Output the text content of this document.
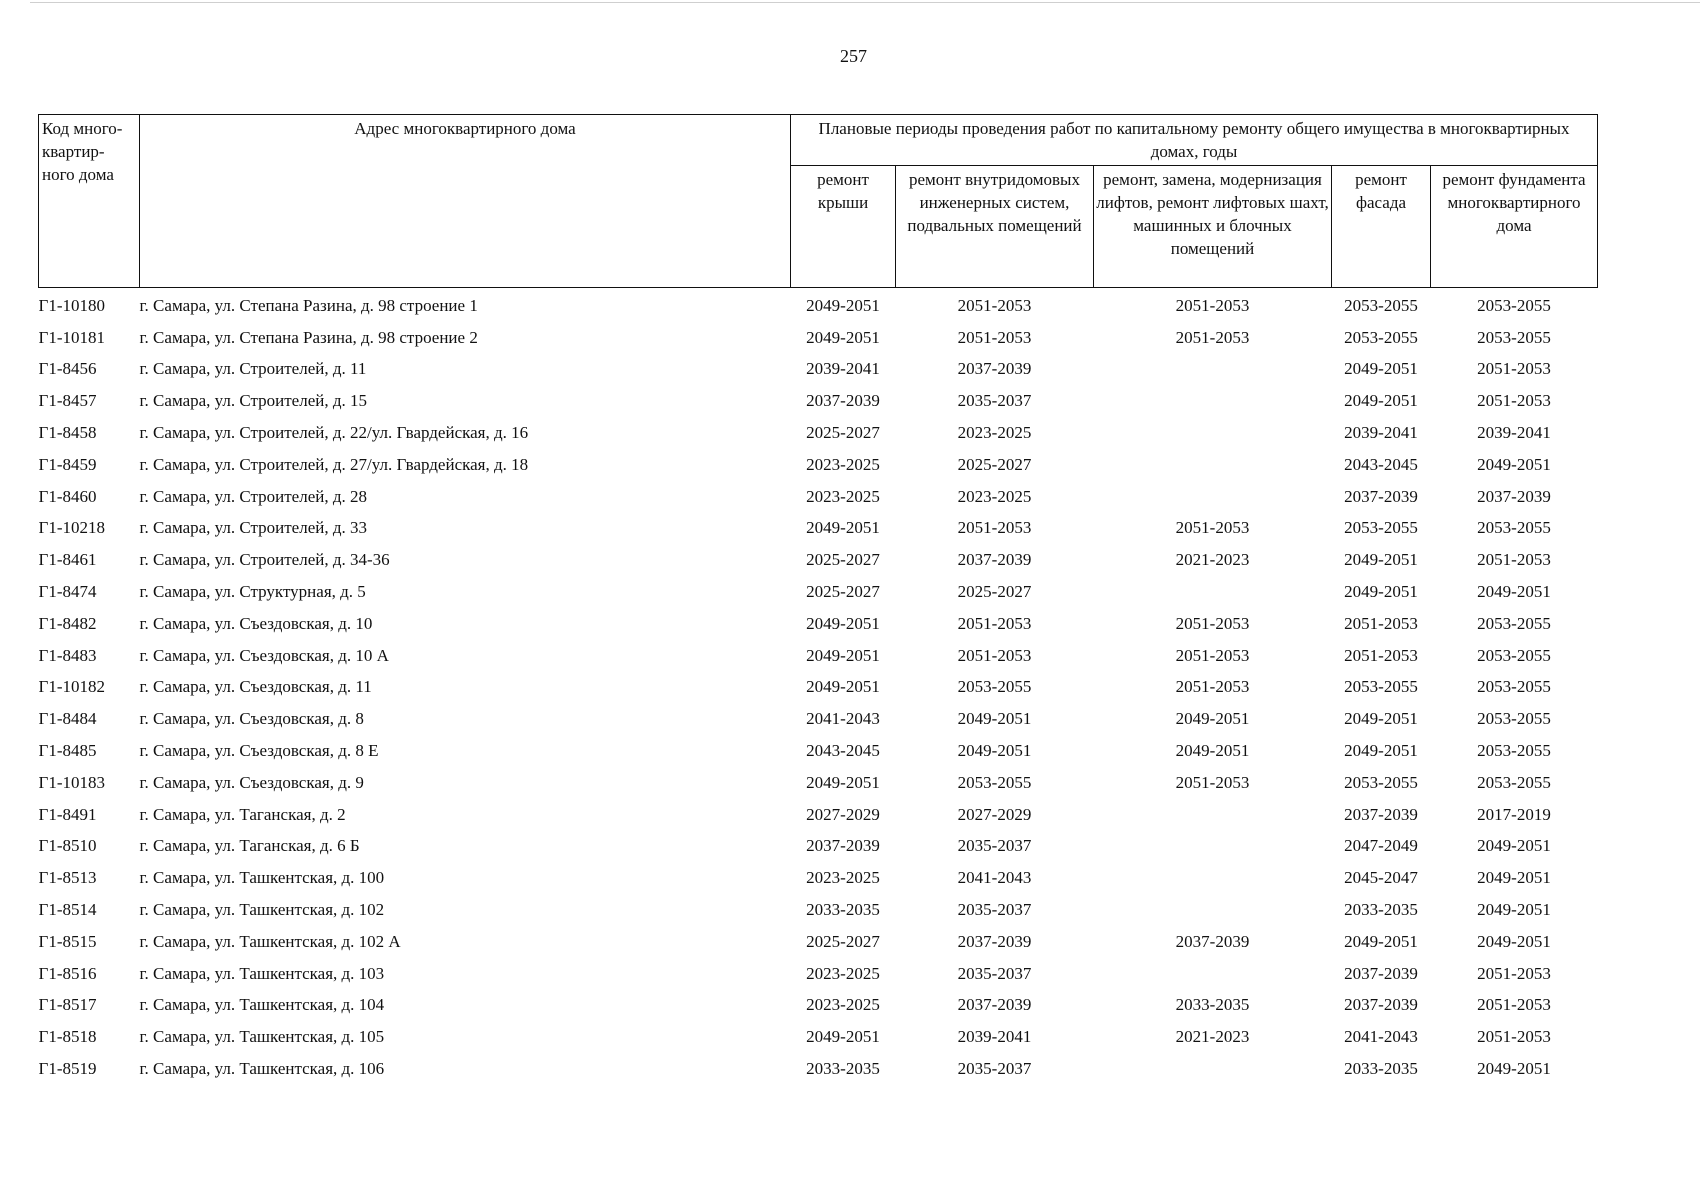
257
Код много-квартир-ного дома	Адрес многоквартирного дома	Плановые периоды проведения работ по капитальному ремонту общего имущества в многоквартирных домах, годы				
		ремонт крыши	ремонт внутридомовых инженерных систем, подвальных помещений	ремонт, замена, модернизация лифтов, ремонт лифтовых шахт, машинных и блочных помещений	ремонт фасада	ремонт фундамента многоквартирного дома
Г1-10180	г. Самара, ул. Степана Разина, д. 98 строение 1	2049-2051	2051-2053	2051-2053	2053-2055	2053-2055
Г1-10181	г. Самара, ул. Степана Разина, д. 98 строение 2	2049-2051	2051-2053	2051-2053	2053-2055	2053-2055
Г1-8456	г. Самара, ул. Строителей, д. 11	2039-2041	2037-2039		2049-2051	2051-2053
Г1-8457	г. Самара, ул. Строителей, д. 15	2037-2039	2035-2037		2049-2051	2051-2053
Г1-8458	г. Самара, ул. Строителей, д. 22/ул. Гвардейская, д. 16	2025-2027	2023-2025		2039-2041	2039-2041
Г1-8459	г. Самара, ул. Строителей, д. 27/ул. Гвардейская, д. 18	2023-2025	2025-2027		2043-2045	2049-2051
Г1-8460	г. Самара, ул. Строителей, д. 28	2023-2025	2023-2025		2037-2039	2037-2039
Г1-10218	г. Самара, ул. Строителей, д. 33	2049-2051	2051-2053	2051-2053	2053-2055	2053-2055
Г1-8461	г. Самара, ул. Строителей, д. 34-36	2025-2027	2037-2039	2021-2023	2049-2051	2051-2053
Г1-8474	г. Самара, ул. Структурная, д. 5	2025-2027	2025-2027		2049-2051	2049-2051
Г1-8482	г. Самара, ул. Съездовская, д. 10	2049-2051	2051-2053	2051-2053	2051-2053	2053-2055
Г1-8483	г. Самара, ул. Съездовская, д. 10 А	2049-2051	2051-2053	2051-2053	2051-2053	2053-2055
Г1-10182	г. Самара, ул. Съездовская, д. 11	2049-2051	2053-2055	2051-2053	2053-2055	2053-2055
Г1-8484	г. Самара, ул. Съездовская, д. 8	2041-2043	2049-2051	2049-2051	2049-2051	2053-2055
Г1-8485	г. Самара, ул. Съездовская, д. 8 Е	2043-2045	2049-2051	2049-2051	2049-2051	2053-2055
Г1-10183	г. Самара, ул. Съездовская, д. 9	2049-2051	2053-2055	2051-2053	2053-2055	2053-2055
Г1-8491	г. Самара, ул. Таганская, д. 2	2027-2029	2027-2029		2037-2039	2017-2019
Г1-8510	г. Самара, ул. Таганская, д. 6 Б	2037-2039	2035-2037		2047-2049	2049-2051
Г1-8513	г. Самара, ул. Ташкентская, д. 100	2023-2025	2041-2043		2045-2047	2049-2051
Г1-8514	г. Самара, ул. Ташкентская, д. 102	2033-2035	2035-2037		2033-2035	2049-2051
Г1-8515	г. Самара, ул. Ташкентская, д. 102 А	2025-2027	2037-2039	2037-2039	2049-2051	2049-2051
Г1-8516	г. Самара, ул. Ташкентская, д. 103	2023-2025	2035-2037		2037-2039	2051-2053
Г1-8517	г. Самара, ул. Ташкентская, д. 104	2023-2025	2037-2039	2033-2035	2037-2039	2051-2053
Г1-8518	г. Самара, ул. Ташкентская, д. 105	2049-2051	2039-2041	2021-2023	2041-2043	2051-2053
Г1-8519	г. Самара, ул. Ташкентская, д. 106	2033-2035	2035-2037		2033-2035	2049-2051
